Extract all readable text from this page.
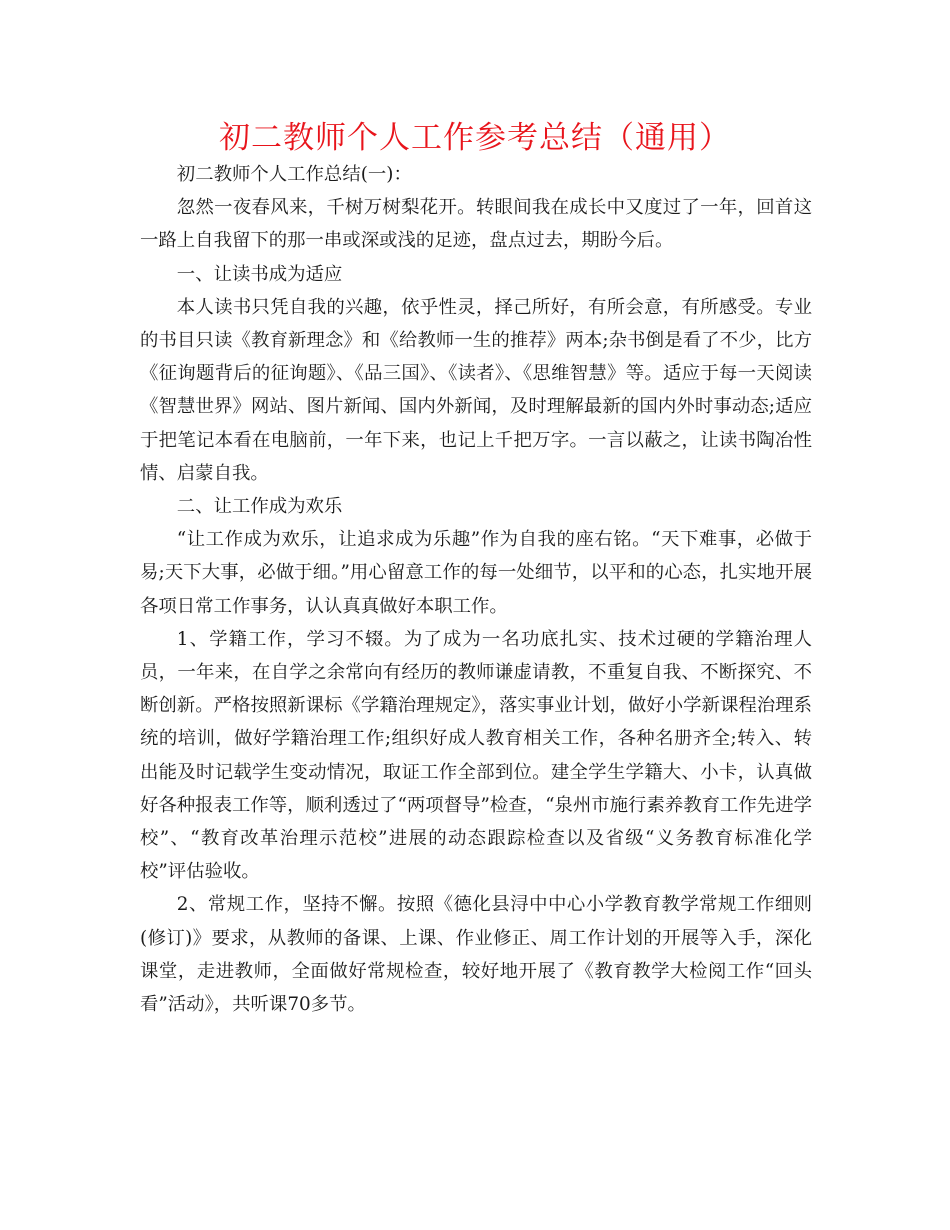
初二教师个人工作参考总结（通用）

初二教师个人工作总结(一)：

忽然一夜春风来，千树万树梨花开。转眼间我在成长中又度过了一年，回首这一路上自我留下的那一串或深或浅的足迹，盘点过去，期盼今后。

一、让读书成为适应

本人读书只凭自我的兴趣，依乎性灵，择己所好，有所会意，有所感受。专业的书目只读《教育新理念》和《给教师一生的推荐》两本;杂书倒是看了不少，比方《征询题背后的征询题》、《品三国》、《读者》、《思维智慧》等。适应于每一天阅读《智慧世界》网站、图片新闻、国内外新闻，及时理解最新的国内外时事动态;适应于把笔记本看在电脑前，一年下来，也记上千把万字。一言以蔽之，让读书陶冶性情、启蒙自我。

二、让工作成为欢乐

“让工作成为欢乐，让追求成为乐趣”作为自我的座右铭。“天下难事，必做于易;天下大事，必做于细。”用心留意工作的每一处细节，以平和的心态，扎实地开展各项日常工作事务，认认真真做好本职工作。

1、学籍工作，学习不辍。为了成为一名功底扎实、技术过硬的学籍治理人员，一年来，在自学之余常向有经历的教师谦虚请教，不重复自我、不断探究、不断创新。严格按照新课标《学籍治理规定》，落实事业计划，做好小学新课程治理系统的培训，做好学籍治理工作;组织好成人教育相关工作，各种名册齐全;转入、转出能及时记载学生变动情况，取证工作全部到位。建全学生学籍大、小卡，认真做好各种报表工作等，顺利透过了“两项督导”检查，“泉州市施行素养教育工作先进学校”、“教育改革治理示范校”进展的动态跟踪检查以及省级“义务教育标准化学校”评估验收。

2、常规工作，坚持不懈。按照《德化县浔中中心小学教育教学常规工作细则(修订)》要求，从教师的备课、上课、作业修正、周工作计划的开展等入手，深化课堂，走进教师，全面做好常规检查，较好地开展了《教育教学大检阅工作“回头看”活动》，共听课70多节。
